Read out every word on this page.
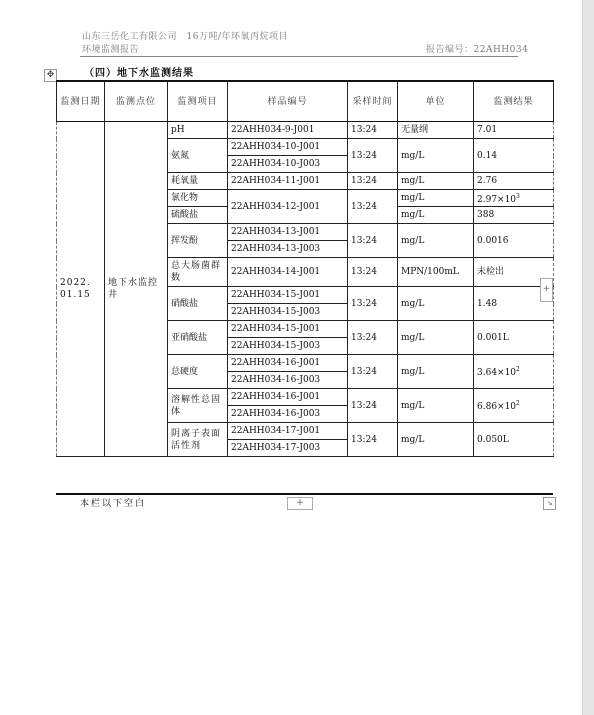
山东三岳化工有限公司　16万吨/年环氧丙烷项目
环境监测报告	报告编号：22AHH034
✥	（四）地下水监测结果
监测日期	监测点位	监测项目	样品编号	采样时间	单位	监测结果
2022. 01.15	地下水监控井	pH	22AHH034-9-J001	13:24	无量纲	7.01
		氨氮	22AHH034-10-J001	13:24	mg/L	0.14
			22AHH034-10-J003			
		耗氧量	22AHH034-11-J001	13:24	mg/L	2.76
		氯化物	22AHH034-12-J001	13:24	mg/L	$2.97\times 10^3$
		硫酸盐			mg/L	388
		挥发酚	22AHH034-13-J001	13:24	mg/L	0.0016
			22AHH034-13-J003			
		总大肠菌群数	22AHH034-14-J001	13:24	MPN/100mL	未检出
		硝酸盐	22AHH034-15-J001	13:24	mg/L	1.48
			22AHH034-15-J003			
		亚硝酸盐	22AHH034-15-J001	13:24	mg/L	0.001L
			22AHH034-15-J003			
		总硬度	22AHH034-16-J001	13:24	mg/L	$3.64\times 10^2$
			22AHH034-16-J003			
		溶解性总固体	22AHH034-16-J001	13:24	mg/L	$6.86\times 10^2$
			22AHH034-16-J003			
		阴离子表面活性剂	22AHH034-17-J001	13:24	mg/L	0.050L
			22AHH034-17-J003			
+
本栏以下空白	+	↘
